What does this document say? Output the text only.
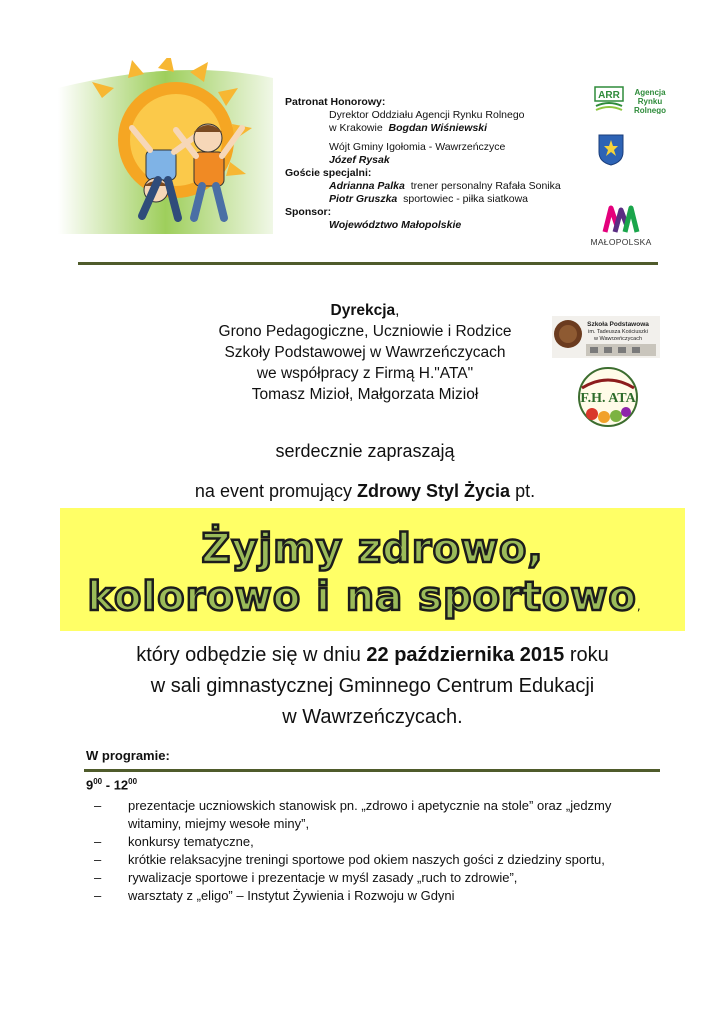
Patronat Honorowy:
Dyrektor Oddziału Agencji Rynku Rolnego
w Krakowie Bogdan Wiśniewski
Wójt Gminy Igołomia - Wawrzeńczyce
Józef Rysak
Goście specjalni:
Adrianna Palka trener personalny Rafała Sonika
Piotr Gruszka sportowiec - piłka siatkowa
Sponsor:
Województwo Małopolskie
ARR Agencja
Rynku
Rolnego
MAŁOPOLSKA
Dyrekcja,
Grono Pedagogiczne, Uczniowie i Rodzice
Szkoły Podstawowej w Wawrzeńczycach
we współpracy z Firmą H."ATA"
Tomasz Mizioł, Małgorzata Mizioł
Szkoła Podstawowa
im. Tadeusza Kościuszki
w Wawrzeńczycach
F.H. ATA
serdecznie zapraszają
na event promujący Zdrowy Styl Życia pt.
Żyjmy zdrowo,
kolorowo i na sportowo,
który odbędzie się w dniu 22 października 2015 roku
w sali gimnastycznej Gminnego Centrum Edukacji
w Wawrzeńczycach.
W programie:
$9^{00} - 12^{00}$
– prezentacje uczniowskich stanowisk pn. „zdrowo i apetycznie na stole” oraz „jedzmy witaminy, miejmy wesołe miny”,
– konkursy tematyczne,
– krótkie relaksacyjne treningi sportowe pod okiem naszych gości z dziedziny sportu,
– rywalizacje sportowe i prezentacje w myśl zasady „ruch to zdrowie”,
– warsztaty z „eligo” – Instytut Żywienia i Rozwoju w Gdyni
